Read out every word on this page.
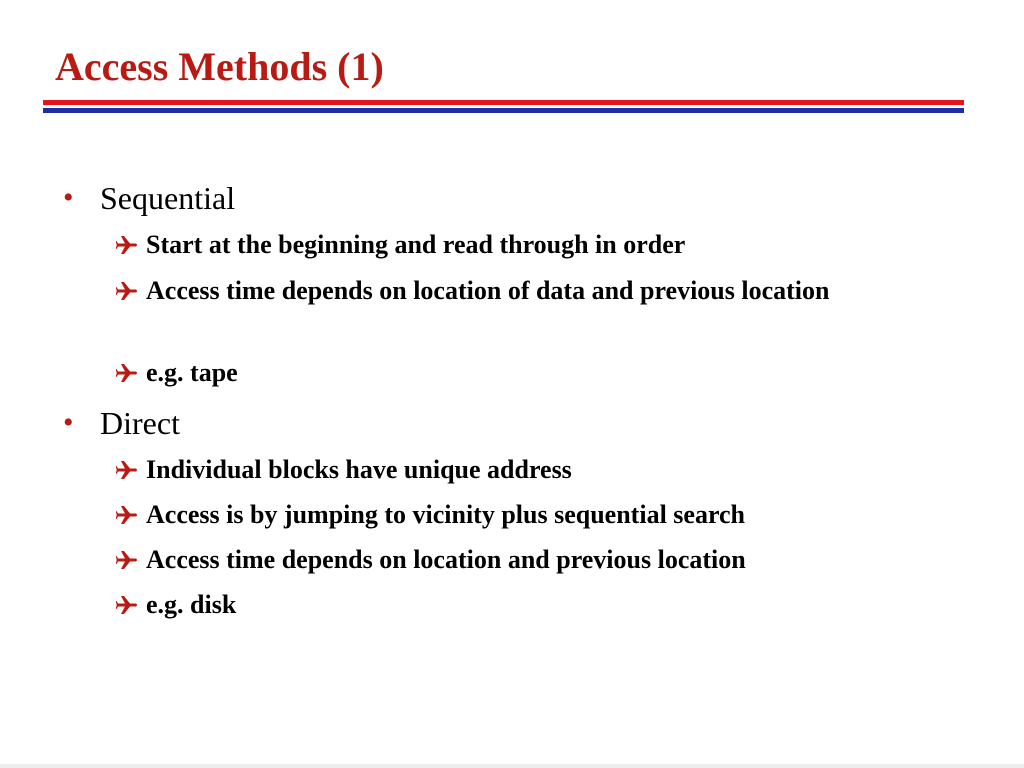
Access Methods (1)
• Sequential
Start at the beginning and read through in order
Access time depends on location of data and previous location
e.g. tape
• Direct
Individual blocks have unique address
Access is by jumping to vicinity plus sequential search
Access time depends on location and previous location
e.g. disk
